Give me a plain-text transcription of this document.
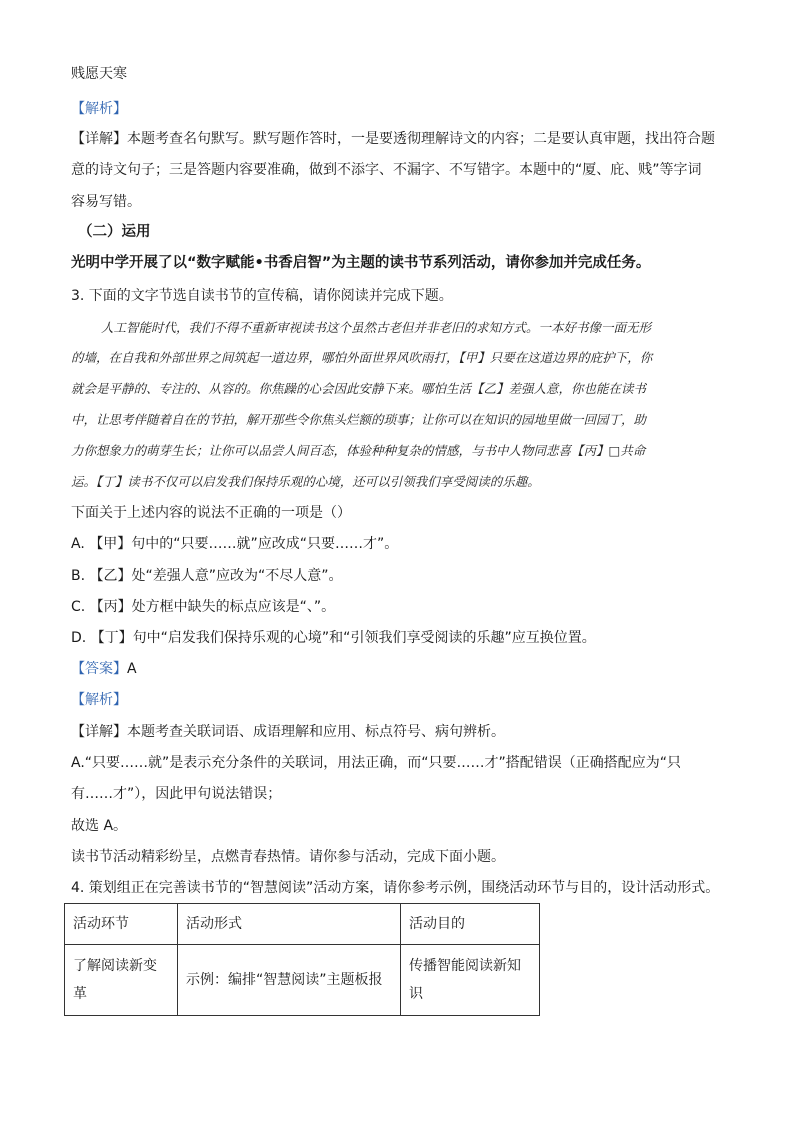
贱愿天寒
【解析】
【详解】本题考查名句默写。默写题作答时，一是要透彻理解诗文的内容；二是要认真审题，找出符合题
意的诗文句子；三是答题内容要准确，做到不添字、不漏字、不写错字。本题中的“厦、庇、贱”等字词
容易写错。
（二）运用
光明中学开展了以“数字赋能•书香启智”为主题的读书节系列活动，请你参加并完成任务。
3. 下面的文字节选自读书节的宣传稿，请你阅读并完成下题。
人工智能时代，我们不得不重新审视读书这个虽然古老但并非老旧的求知方式。一本好书像一面无形
的墙，在自我和外部世界之间筑起一道边界，哪怕外面世界风吹雨打，【甲】只要在这道边界的庇护下，你
就会是平静的、专注的、从容的。你焦躁的心会因此安静下来。哪怕生活【乙】差强人意，你也能在读书
中，让思考伴随着自在的节拍，解开那些令你焦头烂额的琐事；让你可以在知识的园地里做一回园丁，助
力你想象力的萌芽生长；让你可以品尝人间百态，体验种种复杂的情感，与书中人物同悲喜【丙】□共命
运。【丁】读书不仅可以启发我们保持乐观的心境，还可以引领我们享受阅读的乐趣。
下面关于上述内容的说法不正确的一项是（）
A. 【甲】句中的“只要……就”应改成“只要……才”。
B. 【乙】处“差强人意”应改为“不尽人意”。
C. 【丙】处方框中缺失的标点应该是“、”。
D. 【丁】句中“启发我们保持乐观的心境”和“引领我们享受阅读的乐趣”应互换位置。
【答案】A
【解析】
【详解】本题考查关联词语、成语理解和应用、标点符号、病句辨析。
A.“只要……就”是表示充分条件的关联词，用法正确，而“只要……才”搭配错误（正确搭配应为“只
有……才”），因此甲句说法错误；
故选 A。
读书节活动精彩纷呈，点燃青春热情。请你参与活动，完成下面小题。
4. 策划组正在完善读书节的“智慧阅读”活动方案，请你参考示例，围绕活动环节与目的，设计活动形式。
活动环节	活动形式	活动目的
了解阅读新变革	示例：编排“智慧阅读”主题板报	传播智能阅读新知识
